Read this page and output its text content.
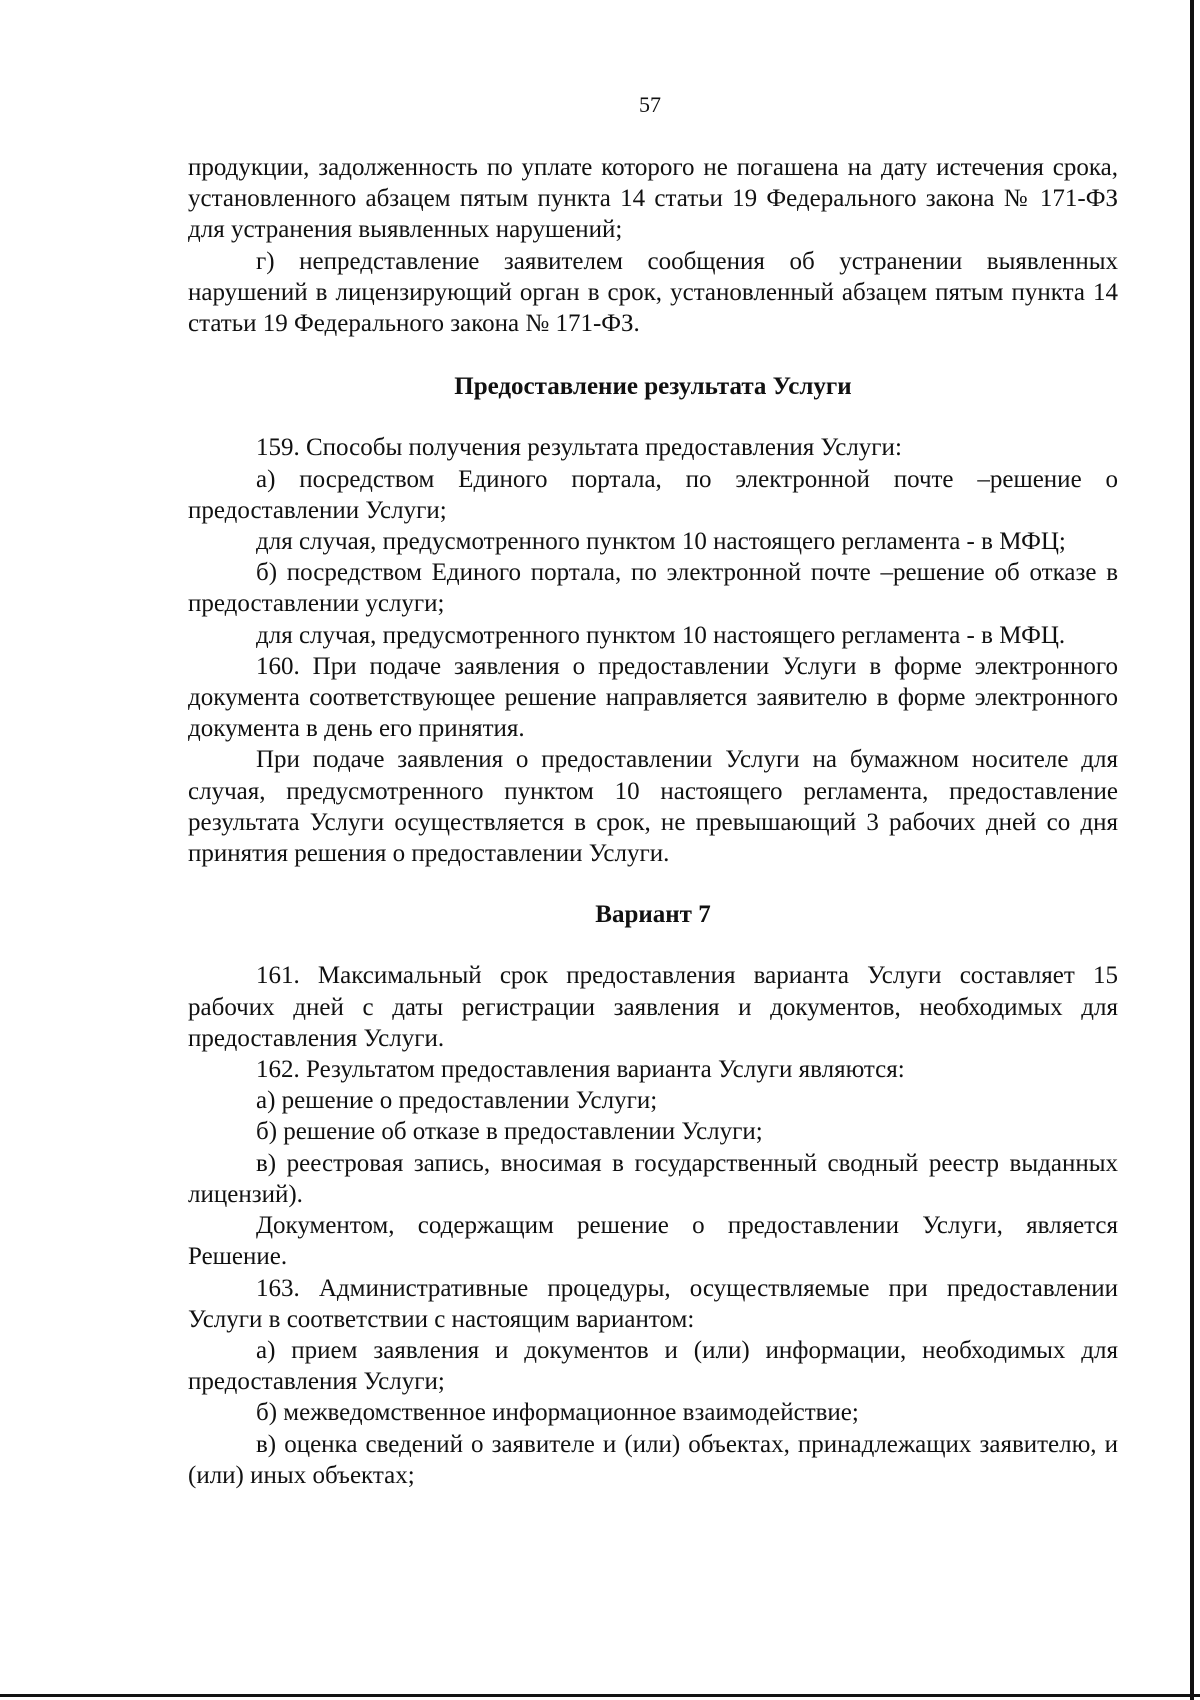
57

продукции, задолженность по уплате которого не погашена на дату истечения срока, установленного абзацем пятым пункта 14 статьи 19 Федерального закона № 171-ФЗ для устранения выявленных нарушений;

г) непредставление заявителем сообщения об устранении выявленных нарушений в лицензирующий орган в срок, установленный абзацем пятым пункта 14 статьи 19 Федерального закона № 171-ФЗ.

Предоставление результата Услуги

159. Способы получения результата предоставления Услуги:

а) посредством Единого портала, по электронной почте –решение о предоставлении Услуги;

для случая, предусмотренного пунктом 10 настоящего регламента - в МФЦ;

б) посредством Единого портала, по электронной почте –решение об отказе в предоставлении услуги;

для случая, предусмотренного пунктом 10 настоящего регламента - в МФЦ.

160. При подаче заявления о предоставлении Услуги в форме электронного документа соответствующее решение направляется заявителю в форме электронного документа в день его принятия.

При подаче заявления о предоставлении Услуги на бумажном носителе для случая, предусмотренного пунктом 10 настоящего регламента, предоставление результата Услуги осуществляется в срок, не превышающий 3 рабочих дней со дня принятия решения о предоставлении Услуги.

Вариант 7

161. Максимальный срок предоставления варианта Услуги составляет 15 рабочих дней с даты регистрации заявления и документов, необходимых для предоставления Услуги.

162. Результатом предоставления варианта Услуги являются:

а) решение о предоставлении Услуги;

б) решение об отказе в предоставлении Услуги;

в) реестровая запись, вносимая в государственный сводный реестр выданных лицензий).

Документом, содержащим решение о предоставлении Услуги, является Решение.

163. Административные процедуры, осуществляемые при предоставлении Услуги в соответствии с настоящим вариантом:

а) прием заявления и документов и (или) информации, необходимых для предоставления Услуги;

б) межведомственное информационное взаимодействие;

в) оценка сведений о заявителе и (или) объектах, принадлежащих заявителю, и (или) иных объектах;
